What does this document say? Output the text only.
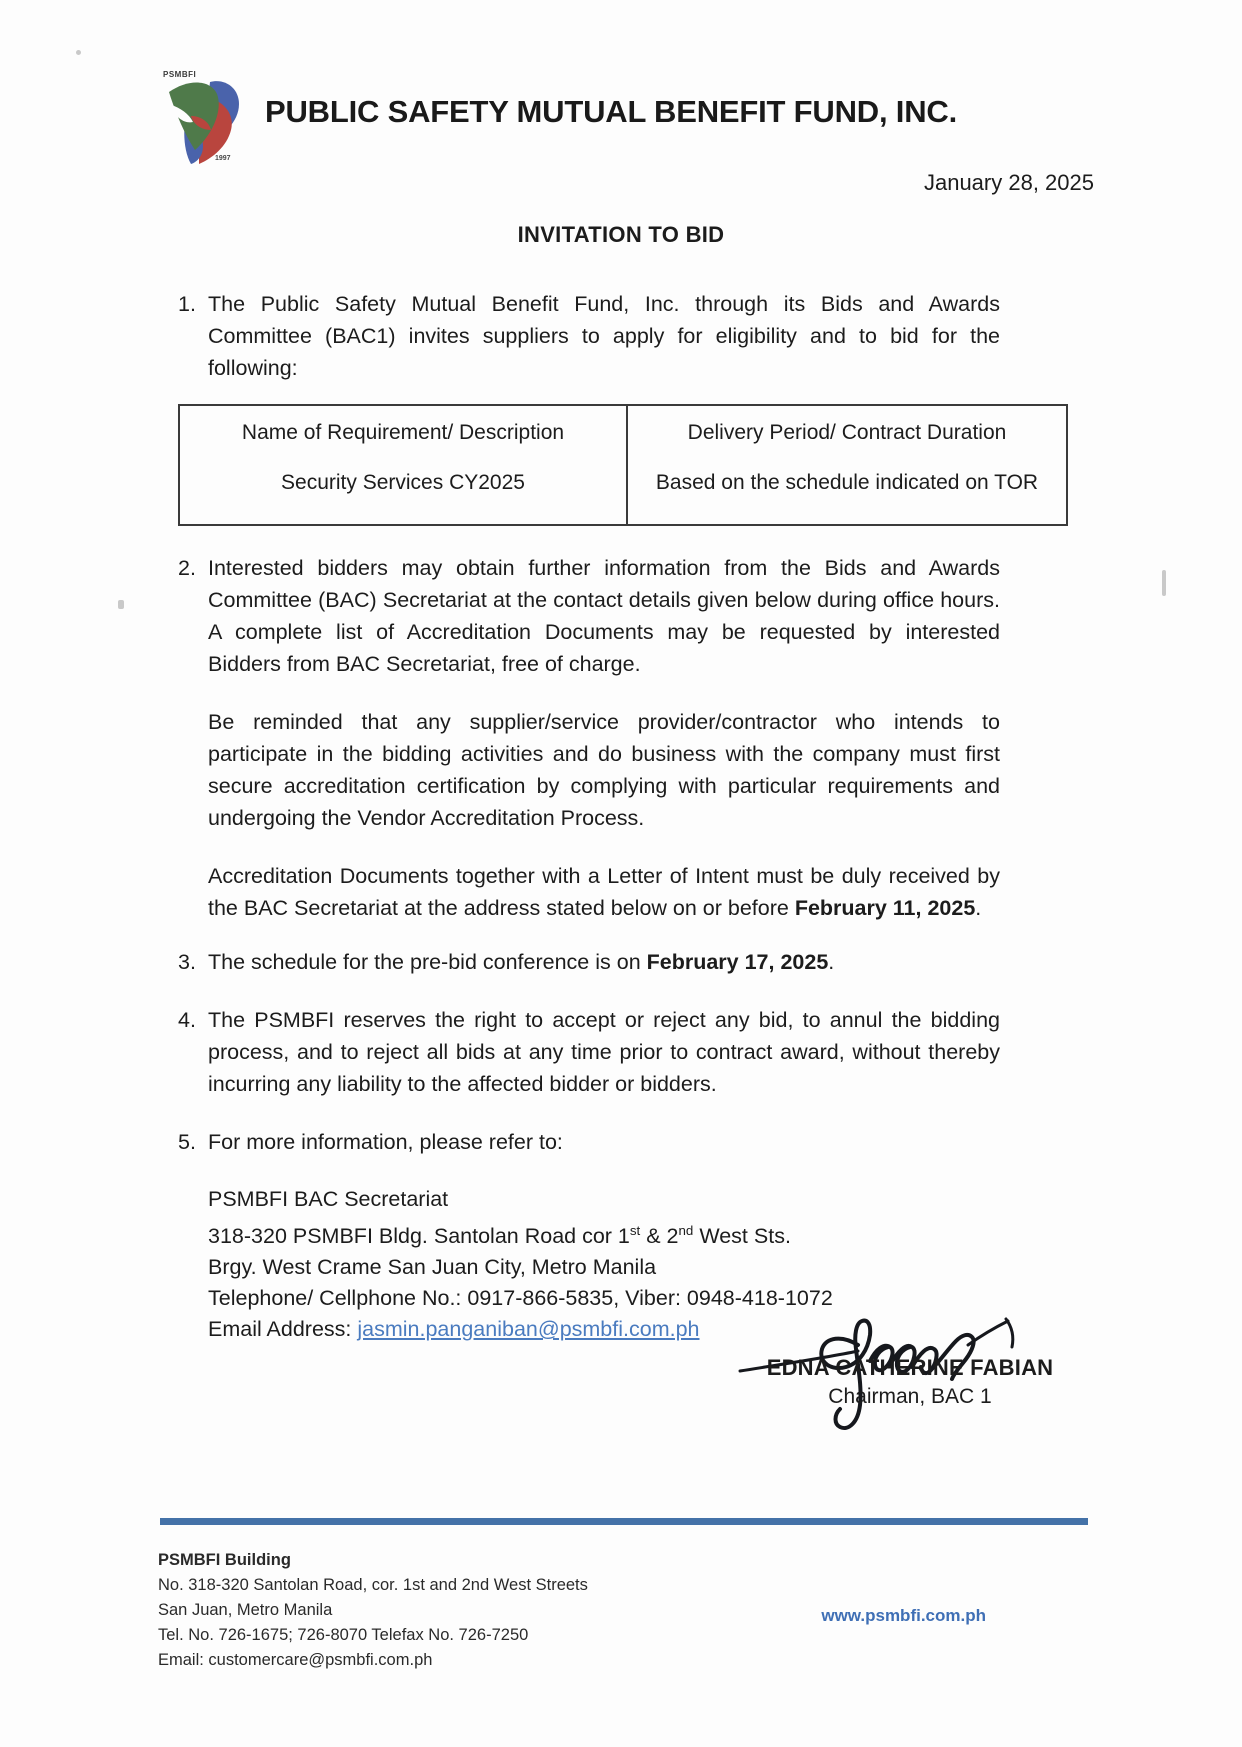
PSMBFI
1997
PUBLIC SAFETY MUTUAL BENEFIT FUND, INC.
January 28, 2025
INVITATION TO BID
1. The Public Safety Mutual Benefit Fund, Inc. through its Bids and Awards Committee (BAC1) invites suppliers to apply for eligibility and to bid for the following:
Name of Requirement/ Description	Delivery Period/ Contract Duration
Security Services CY2025	Based on the schedule indicated on TOR
2. Interested bidders may obtain further information from the Bids and Awards Committee (BAC) Secretariat at the contact details given below during office hours. A complete list of Accreditation Documents may be requested by interested Bidders from BAC Secretariat, free of charge.

Be reminded that any supplier/service provider/contractor who intends to participate in the bidding activities and do business with the company must first secure accreditation certification by complying with particular requirements and undergoing the Vendor Accreditation Process.

Accreditation Documents together with a Letter of Intent must be duly received by the BAC Secretariat at the address stated below on or before February 11, 2025.

3. The schedule for the pre-bid conference is on February 17, 2025.
4. The PSMBFI reserves the right to accept or reject any bid, to annul the bidding process, and to reject all bids at any time prior to contract award, without thereby incurring any liability to the affected bidder or bidders.
5. For more information, please refer to:

PSMBFI BAC Secretariat
318-320 PSMBFI Bldg. Santolan Road cor 1st & 2nd West Sts.
Brgy. West Crame San Juan City, Metro Manila
Telephone/ Cellphone No.: 0917-866-5835, Viber: 0948-418-1072
Email Address: jasmin.panganiban@psmbfi.com.ph
EDNA CATHERINE FABIAN
Chairman, BAC 1
PSMBFI Building
No. 318-320 Santolan Road, cor. 1st and 2nd West Streets
San Juan, Metro Manila
Tel. No. 726-1675; 726-8070 Telefax No. 726-7250
Email: customercare@psmbfi.com.ph
www.psmbfi.com.ph
